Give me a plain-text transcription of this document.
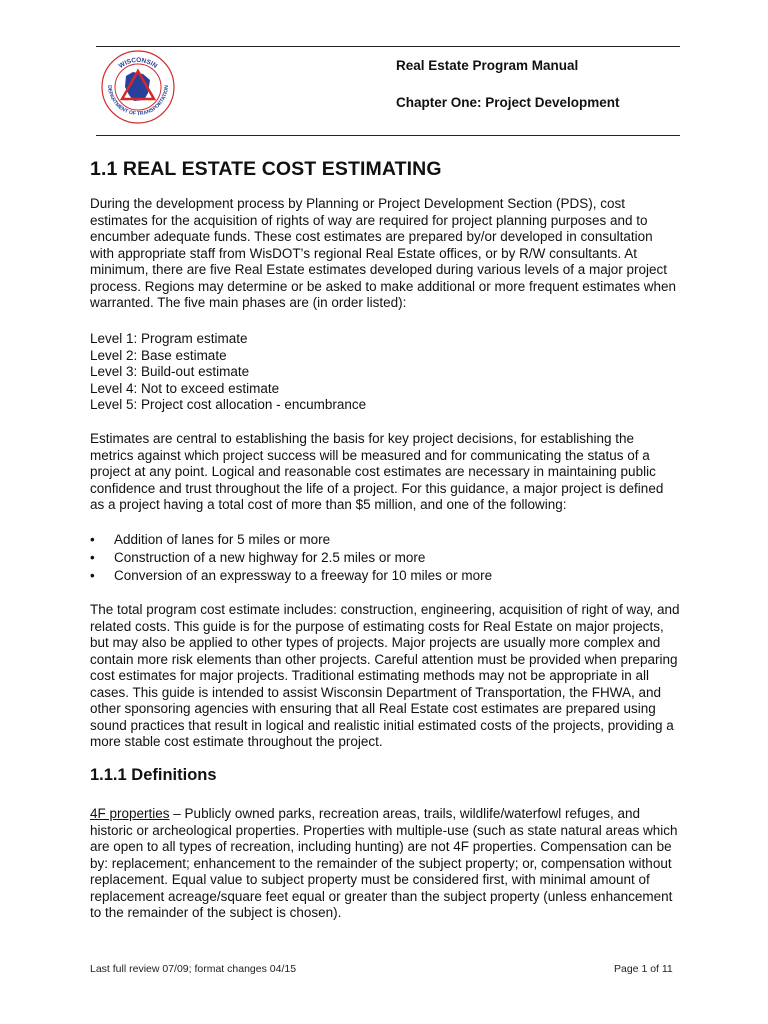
WISCONSIN
DEPARTMENT OF TRANSPORTATION
Real Estate Program Manual
Chapter One: Project Development
1.1 REAL ESTATE COST ESTIMATING

During the development process by Planning or Project Development Section (PDS), cost estimates for the acquisition of rights of way are required for project planning purposes and to encumber adequate funds. These cost estimates are prepared by/or developed in consultation with appropriate staff from WisDOT’s regional Real Estate offices, or by R/W consultants. At minimum, there are five Real Estate estimates developed during various levels of a major project process. Regions may determine or be asked to make additional or more frequent estimates when warranted. The five main phases are (in order listed):

Level 1: Program estimate
Level 2: Base estimate
Level 3: Build-out estimate
Level 4: Not to exceed estimate
Level 5: Project cost allocation - encumbrance

Estimates are central to establishing the basis for key project decisions, for establishing the metrics against which project success will be measured and for communicating the status of a project at any point. Logical and reasonable cost estimates are necessary in maintaining public confidence and trust throughout the life of a project. For this guidance, a major project is defined as a project having a total cost of more than $5 million, and one of the following:

• Addition of lanes for 5 miles or more
• Construction of a new highway for 2.5 miles or more
• Conversion of an expressway to a freeway for 10 miles or more

The total program cost estimate includes: construction, engineering, acquisition of right of way, and related costs. This guide is for the purpose of estimating costs for Real Estate on major projects, but may also be applied to other types of projects. Major projects are usually more complex and contain more risk elements than other projects. Careful attention must be provided when preparing cost estimates for major projects. Traditional estimating methods may not be appropriate in all cases. This guide is intended to assist Wisconsin Department of Transportation, the FHWA, and other sponsoring agencies with ensuring that all Real Estate cost estimates are prepared using sound practices that result in logical and realistic initial estimated costs of the projects, providing a more stable cost estimate throughout the project.

1.1.1 Definitions

4F properties – Publicly owned parks, recreation areas, trails, wildlife/waterfowl refuges, and historic or archeological properties. Properties with multiple-use (such as state natural areas which are open to all types of recreation, including hunting) are not 4F properties. Compensation can be by: replacement; enhancement to the remainder of the subject property; or, compensation without replacement. Equal value to subject property must be considered first, with minimal amount of replacement acreage/square feet equal or greater than the subject property (unless enhancement to the remainder of the subject is chosen).

Last full review 07/09; format changes 04/15	Page 1 of 11
